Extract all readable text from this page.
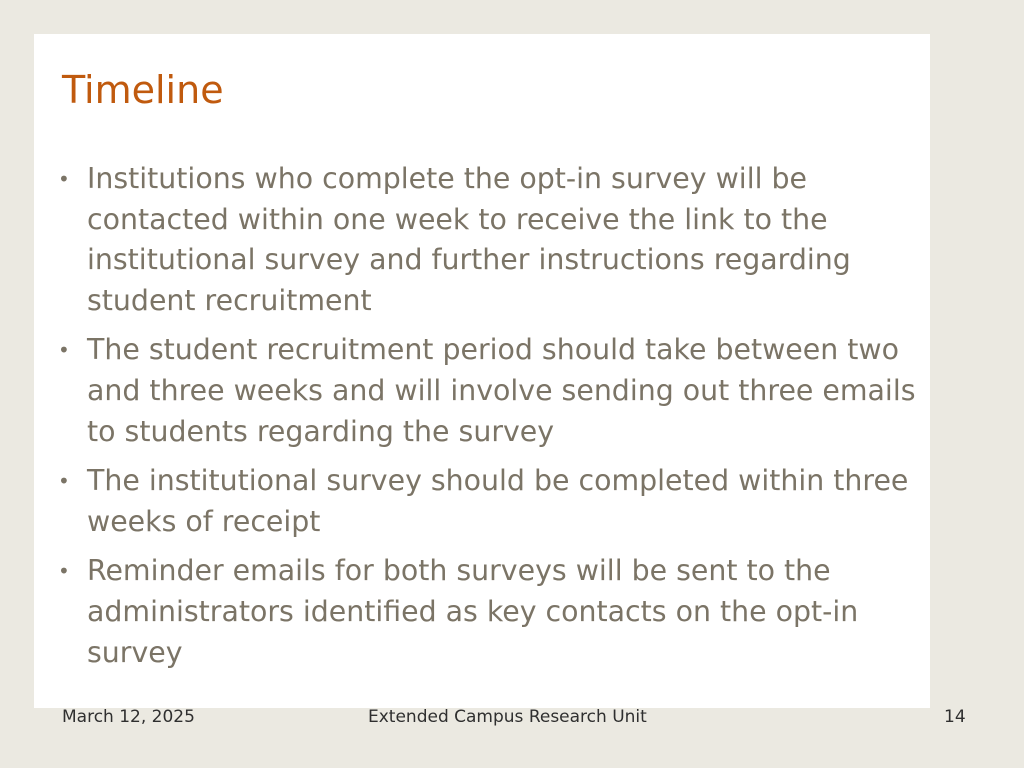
Timeline
• Institutions who complete the opt-in survey will be contacted within one week to receive the link to the institutional survey and further instructions regarding student recruitment
• The student recruitment period should take between two and three weeks and will involve sending out three emails to students regarding the survey
• The institutional survey should be completed within three weeks of receipt
• Reminder emails for both surveys will be sent to the administrators identified as key contacts on the opt-in survey
March 12, 2025	Extended Campus Research Unit	14
